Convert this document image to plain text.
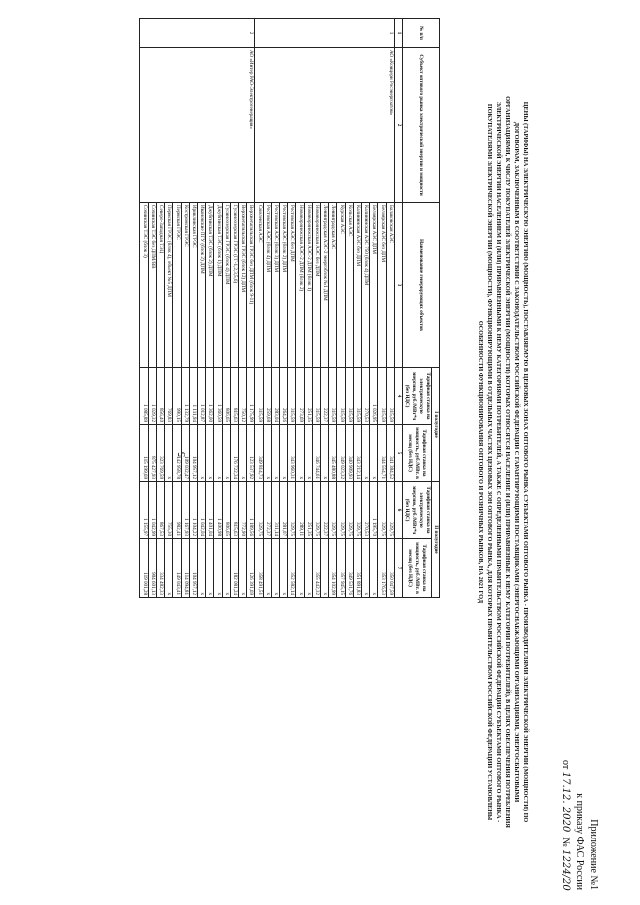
5
Приложение №1
к приказу ФАС России
от 17.12. 2020  № 1224/20
ЦЕНЫ (ТАРИФЫ) НА ЭЛЕКТРИЧЕСКУЮ ЭНЕРГИЮ (МОЩНОСТЬ), ПОСТАВЛЯЕМУЮ В ЦЕНОВЫХ ЗОНАХ ОПТОВОГО РЫНКА СУБЪЕКТАМИ ОПТОВОГО РЫНКА - ПРОИЗВОДИТЕЛЯМИ ЭЛЕКТРИЧЕСКОЙ ЭНЕРГИИ (МОЩНОСТИ) ПО ДОГОВОРАМ, ЗАКЛЮЧЕННЫМ В СООТВЕТСТВИИ С ЗАКОНОДАТЕЛЬСТВОМ РОССИЙСКОЙ ФЕДЕРАЦИИ С ГАРАНТИРУЮЩИМИ ПОСТАВЩИКАМИ (ЭНЕРГОСНАБЖАЮЩИМИ ОРГАНИЗАЦИЯМИ, ЭНЕРГОСБЫТОВЫМИ ОРГАНИЗАЦИЯМИ, К ЧИСЛУ ПОКУПАТЕЛЕЙ ЭЛЕКТРИЧЕСКОЙ ЭНЕРГИИ (МОЩНОСТИ) КОТОРЫХ ОТНОСЯТСЯ НАСЕЛЕНИЕ И (ИЛИ) ПРИРАВНЕННЫЕ К НЕМУ КАТЕГОРИИ ПОТРЕБИТЕЛЕЙ), В ЦЕЛЯХ ОБЕСПЕЧЕНИЯ ПОТРЕБЛЕНИЯ ЭЛЕКТРИЧЕСКОЙ ЭНЕРГИИ НАСЕЛЕНИЕМ И (ИЛИ) ПРИРАВНЕННЫМИ К НЕМУ КАТЕГОРИЯМИ ПОТРЕБИТЕЛЕЙ, А ТАКЖЕ С ОПРЕДЕЛЕННЫМИ ПРАВИТЕЛЬСТВОМ РОССИЙСКОЙ ФЕДЕРАЦИИ СУБЪЕКТАМИ ОПТОВОГО РЫНКА - ПОКУПАТЕЛЯМИ ЭЛЕКТРИЧЕСКОЙ ЭНЕРГИИ (МОЩНОСТИ), ФУНКЦИОНИРУЮЩИМИ В ОТДЕЛЬНЫХ ЧАСТЯХ ЦЕНОВЫХ ЗОН ОПТОВОГО РЫНКА, ДЛЯ КОТОРЫХ ПРАВИТЕЛЬСТВОМ РОССИЙСКОЙ ФЕДЕРАЦИИ УСТАНОВЛЕНЫ ОСОБЕННОСТИ ФУНКЦИОНИРОВАНИЯ ОПТОВОГО И РОЗНИЧНЫХ РЫНКОВ, НА 2021 ГОД
№ п/п	Субъект оптового рынка электрической энергии и мощности	Наименование генерирующих объектов	I полугодие		II полугодие	
			Тарифная ставка на электрическую энергию, руб./МВт*ч (без НДС)	Тарифная ставка на мощность, руб./МВт. в месяц (без НДС)	Тарифная ставка на электрическую энергию, руб./МВт*ч (без НДС)	Тарифная ставка на мощность, руб./МВт. в месяц (без НДС)
1	2	3	4	5	6	7
1	АО «Концерн Росэнергоатом»	Балаковская АЭС	315,59	341 384,52	329,75	350 047,59
		Белоярская АЭС без ДПМ	315,59	344 554,71	329,75	353 176,53
		Белоярская АЭС ДПМ	1 026,95	х	1 195,70	х
		Калининская АЭС 750 (блок 4) ДПМ	270,53	х	270,53	х
		Калининская АЭС без ДПМ	315,59	343 212,14	329,75	351 891,83
		Кольская АЭС	315,59	340 909,93	329,75	349 531,76
		Курская АЭС	315,59	349 023,32	329,75	357 945,15
		Ленинградская АЭС	315,59	345 480,88	329,75	354 102,99
		Ленинградская АЭС-2 энергоблок №1 ДПМ	222,37	х	222,37	х
		Нововоронежская АЭС без ДПМ	315,59	346 744,61	329,75	355 442,32
		Нововоронежская АЭС-2 ДПМ (блок 1)	251,35	х	251,35	х
		Нововоронежская АЭС-2 ДПМ (блок 2)	273,69	х	289,11	х
		Ростовская АЭС без ДПМ	315,59	343 960,31	329,75	352 582,14
		Ростовская АЭС (блок 2) ДПМ	264,26	х	281,07	х
		Ростовская АЭС (блок 3) ДПМ	283,04	х	311,14	х
		Ростовская АЭС (блок 4) ДПМ	259,68	х	272,37	х
		Смоленская АЭС	315,59	349 814,73	329,75	358 491,51
2	АО «Интер РАО-Электрогенерация»	Верхнетагильская ГРЭС без ДПМ (блок 9-11)	1 175,99	123 537,92	1 189,56	126 391,69
		Верхнетагильская ГРЭС (блок 12) ДПМ	750,12	х	772,90	х
		Гусиноозерская ГРЭС (ГГ-1,2,3,5,6)	815,63	176 722,34	815,63	182 081,24
		Гусиноозерская ГРЭС (блок 4) ДПМ	806,65	х	806,65	х
		Джубгинская ТЭС (блок 1) ДПМ	1 360,59	х	1 400,98	х
		Джубгинская ТЭС (блок 2) ДПМ	1 362,00	х	1 401,04	х
		Ивановские ПГУ (блок 2) ДПМ	1 012,87	х	1 042,04	х
		Ириклинская ГРЭС	1 111,94	104 957,12	1 104,22	104 957,12
		Костромская ГРЭС	1 132,79	109 032,47	1 167,93	114 094,81
		Пермская ГРЭС	990,15	142 958,78	982,41	149 043,41
		Пермская ГРЭС (блок 4), объект №5 ДПМ	769,83	х	755,30	х
		Северо-Западная ТЭЦ	856,40	323 769,59	867,53	334 482,33
		Сочинская ТЭС без ДПМ/ВВ	1 029,32	875 427,93	1 042,99	904 601,13
		Сочинская ТЭС (блок 3)	1 085,89	115 199,69	1 155,97	119 001,28
